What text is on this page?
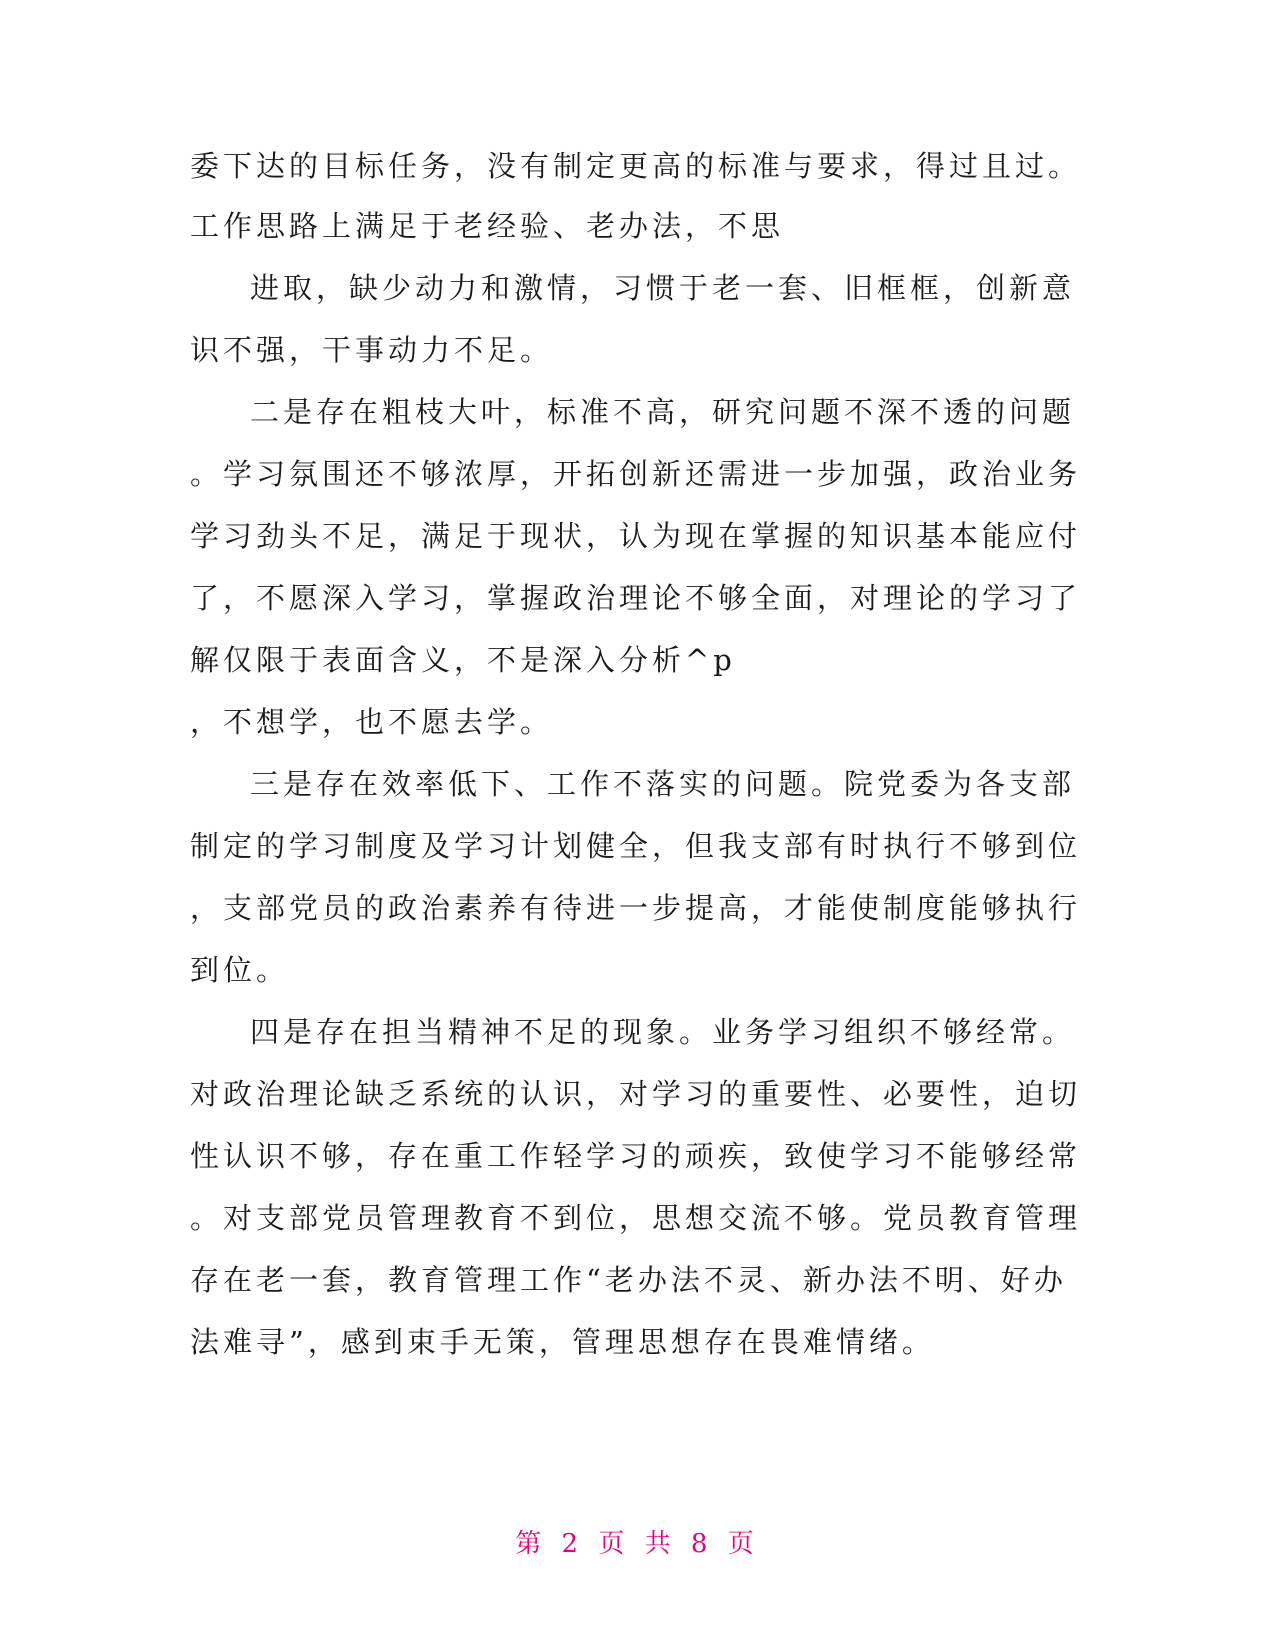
委下达的目标任务，没有制定更高的标准与要求，得过且过。
工作思路上满足于老经验、老办法，不思
进取，缺少动力和激情，习惯于老一套、旧框框，创新意
识不强，干事动力不足。
二是存在粗枝大叶，标准不高，研究问题不深不透的问题
。学习氛围还不够浓厚，开拓创新还需进一步加强，政治业务
学习劲头不足，满足于现状，认为现在掌握的知识基本能应付
了，不愿深入学习，掌握政治理论不够全面，对理论的学习了
解仅限于表面含义，不是深入分析^p
，不想学，也不愿去学。
三是存在效率低下、工作不落实的问题。院党委为各支部
制定的学习制度及学习计划健全，但我支部有时执行不够到位
，支部党员的政治素养有待进一步提高，才能使制度能够执行
到位。
四是存在担当精神不足的现象。业务学习组织不够经常。
对政治理论缺乏系统的认识，对学习的重要性、必要性，迫切
性认识不够，存在重工作轻学习的顽疾，致使学习不能够经常
。对支部党员管理教育不到位，思想交流不够。党员教育管理
存在老一套，教育管理工作“老办法不灵、新办法不明、好办
法难寻”，感到束手无策，管理思想存在畏难情绪。
第 2 页 共 8 页
